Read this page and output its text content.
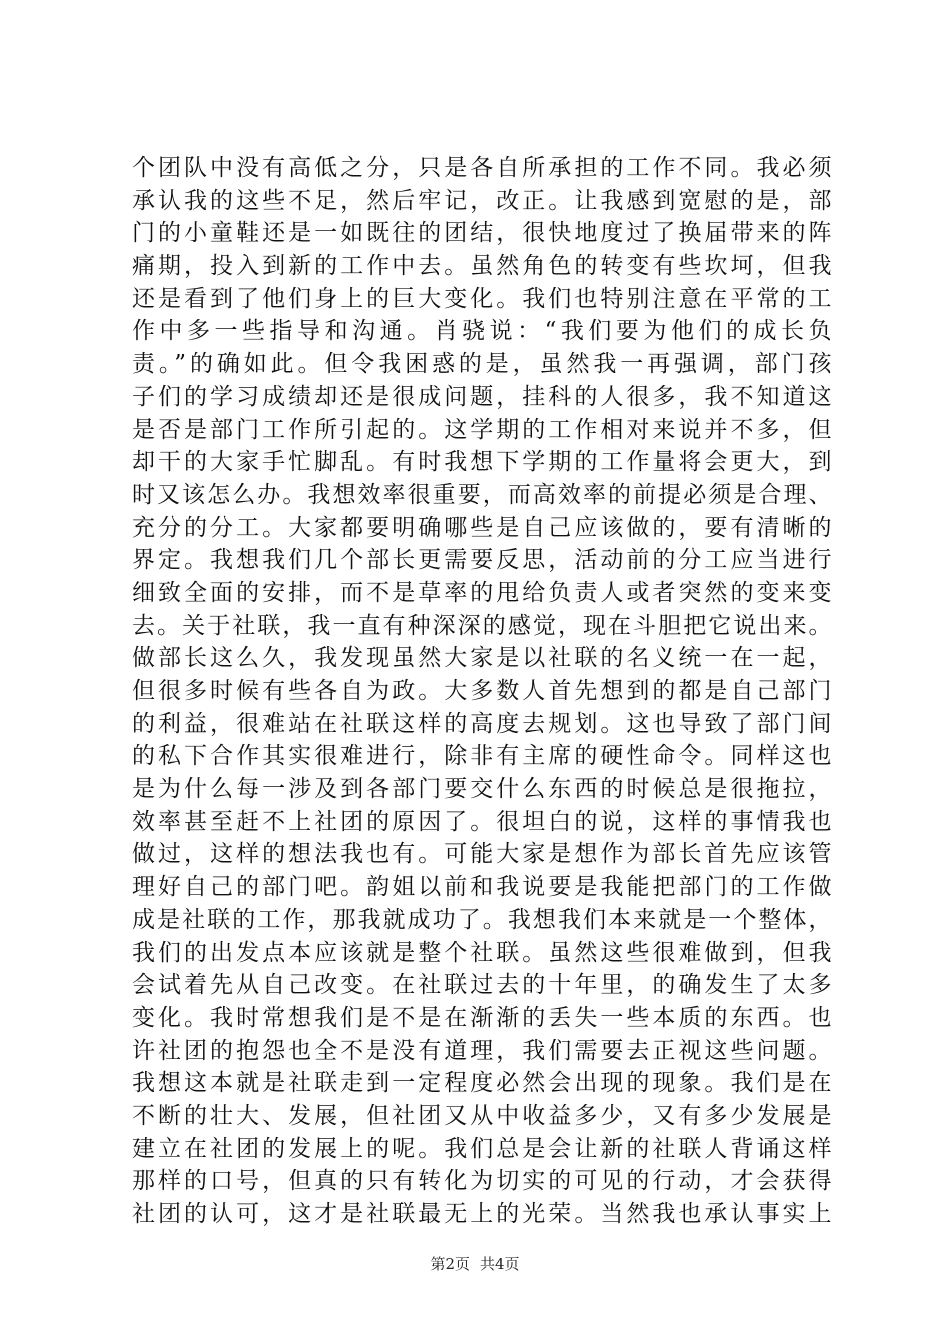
个团队中没有高低之分，只是各自所承担的工作不同。我必须
承认我的这些不足，然后牢记，改正。让我感到宽慰的是，部
门的小童鞋还是一如既往的团结，很快地度过了换届带来的阵
痛期，投入到新的工作中去。虽然角色的转变有些坎坷，但我
还是看到了他们身上的巨大变化。我们也特别注意在平常的工
作中多一些指导和沟通。肖骁说：“我们要为他们的成长负
责。”的确如此。但令我困惑的是，虽然我一再强调，部门孩
子们的学习成绩却还是很成问题，挂科的人很多，我不知道这
是否是部门工作所引起的。这学期的工作相对来说并不多，但
却干的大家手忙脚乱。有时我想下学期的工作量将会更大，到
时又该怎么办。我想效率很重要，而高效率的前提必须是合理、
充分的分工。大家都要明确哪些是自己应该做的，要有清晰的
界定。我想我们几个部长更需要反思，活动前的分工应当进行
细致全面的安排，而不是草率的甩给负责人或者突然的变来变
去。关于社联，我一直有种深深的感觉，现在斗胆把它说出来。
做部长这么久，我发现虽然大家是以社联的名义统一在一起，
但很多时候有些各自为政。大多数人首先想到的都是自己部门
的利益，很难站在社联这样的高度去规划。这也导致了部门间
的私下合作其实很难进行，除非有主席的硬性命令。同样这也
是为什么每一涉及到各部门要交什么东西的时候总是很拖拉，
效率甚至赶不上社团的原因了。很坦白的说，这样的事情我也
做过，这样的想法我也有。可能大家是想作为部长首先应该管
理好自己的部门吧。韵姐以前和我说要是我能把部门的工作做
成是社联的工作，那我就成功了。我想我们本来就是一个整体，
我们的出发点本应该就是整个社联。虽然这些很难做到，但我
会试着先从自己改变。在社联过去的十年里，的确发生了太多
变化。我时常想我们是不是在渐渐的丢失一些本质的东西。也
许社团的抱怨也全不是没有道理，我们需要去正视这些问题。
我想这本就是社联走到一定程度必然会出现的现象。我们是在
不断的壮大、发展，但社团又从中收益多少，又有多少发展是
建立在社团的发展上的呢。我们总是会让新的社联人背诵这样
那样的口号，但真的只有转化为切实的可见的行动，才会获得
社团的认可，这才是社联最无上的光荣。当然我也承认事实上
第2页 共4页
